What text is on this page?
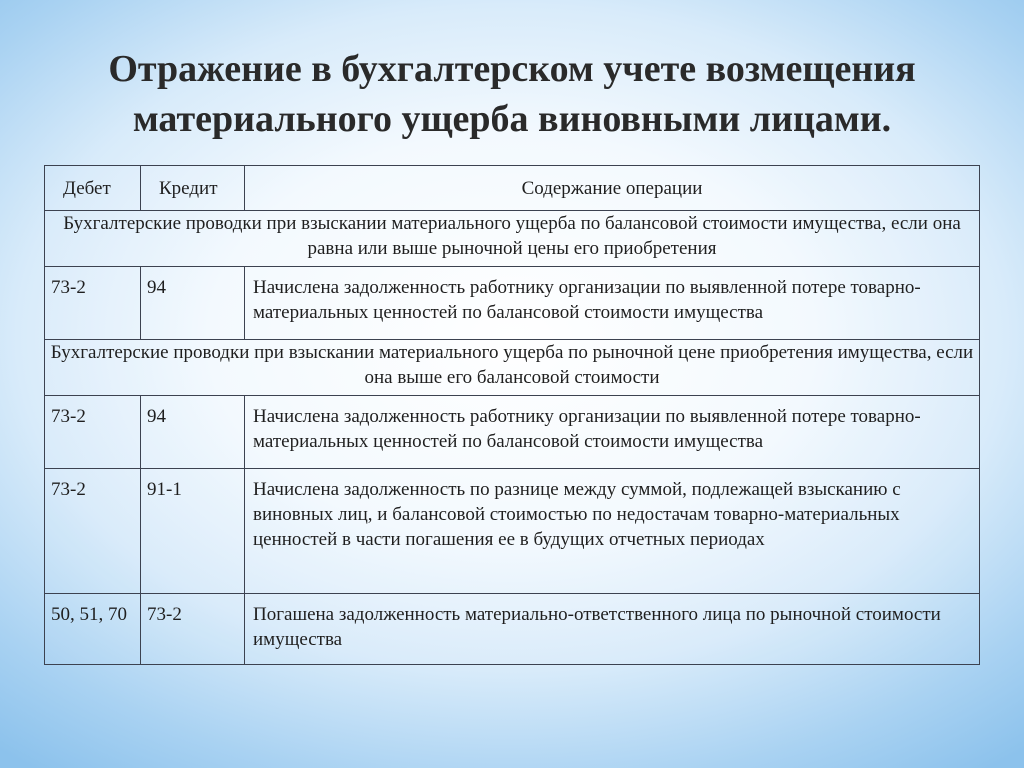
Отражение в бухгалтерском учете возмещения
материального ущерба виновными лицами.
Дебет	Кредит	Содержание операции

Бухгалтерские проводки при взыскании материального ущерба по балансовой стоимости имущества, если она равна или выше рыночной цены его приобретения		

73-2	94	Начислена задолженность работнику организации по выявленной потере товарно-материальных ценностей по балансовой стоимости имущества

Бухгалтерские проводки при взыскании материального ущерба по рыночной цене приобретения имущества, если она выше его балансовой стоимости		

73-2	94	Начислена задолженность работнику организации по выявленной потере товарно-материальных ценностей по балансовой стоимости имущества

73-2	91-1	Начислена задолженность по разнице между суммой, подлежащей взысканию с виновных лиц, и балансовой стоимостью по недостачам товарно-материальных ценностей в части погашения ее в будущих отчетных периодах

50, 51, 70	73-2	Погашена задолженность материально-ответственного лица по рыночной стоимости имущества
